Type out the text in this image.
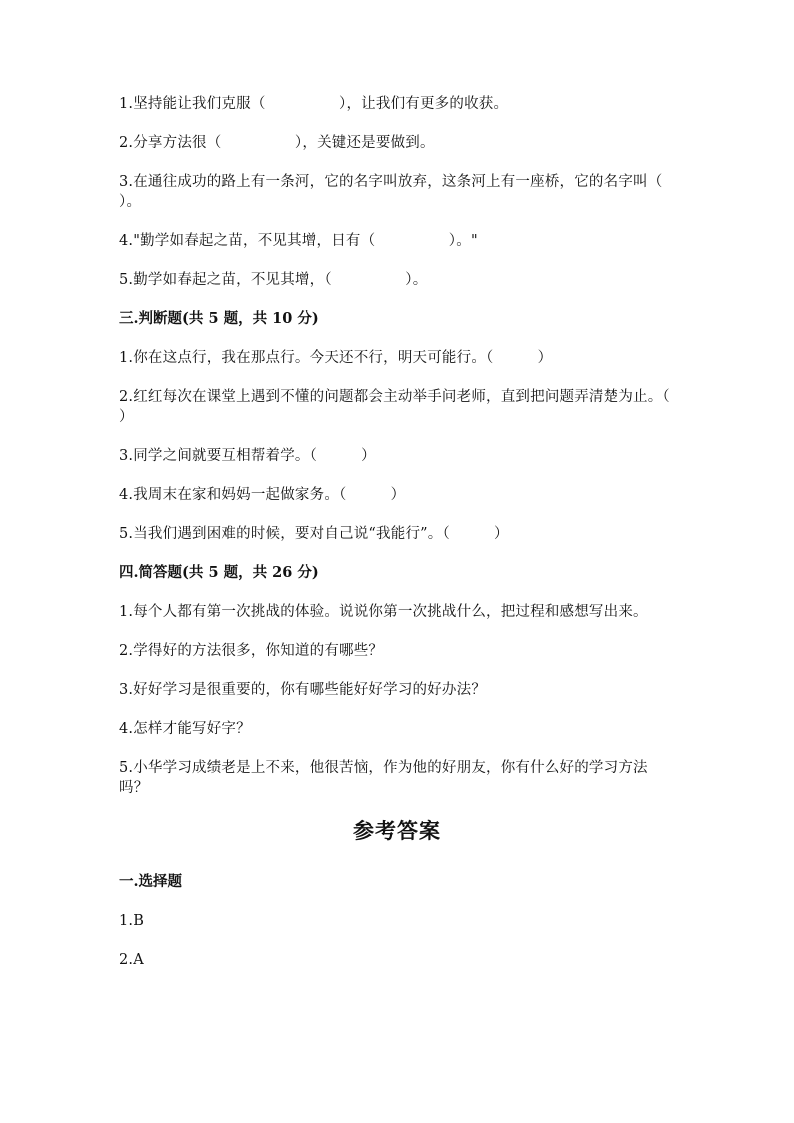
1.坚持能让我们克服（　　　　　），让我们有更多的收获。
2.分享方法很（　　　　　），关键还是要做到。
3.在通往成功的路上有一条河，它的名字叫放弃，这条河上有一座桥，它的名字叫（　　　　　）。
4."勤学如春起之苗，不见其增，日有（　　　　　）。"
5.勤学如春起之苗，不见其增，（　　　　　）。
三.判断题(共 5 题，共 10 分)
1.你在这点行，我在那点行。今天还不行，明天可能行。（　　　）
2.红红每次在课堂上遇到不懂的问题都会主动举手问老师，直到把问题弄清楚为止。（　　　）
3.同学之间就要互相帮着学。（　　　）
4.我周末在家和妈妈一起做家务。（　　　）
5.当我们遇到困难的时候，要对自己说“我能行”。（　　　）
四.简答题(共 5 题，共 26 分)
1.每个人都有第一次挑战的体验。说说你第一次挑战什么，把过程和感想写出来。
2.学得好的方法很多，你知道的有哪些？
3.好好学习是很重要的，你有哪些能好好学习的好办法？
4.怎样才能写好字？
5.小华学习成绩老是上不来，他很苦恼，作为他的好朋友，你有什么好的学习方法吗？
参考答案
一.选择题
1.B
2.A
